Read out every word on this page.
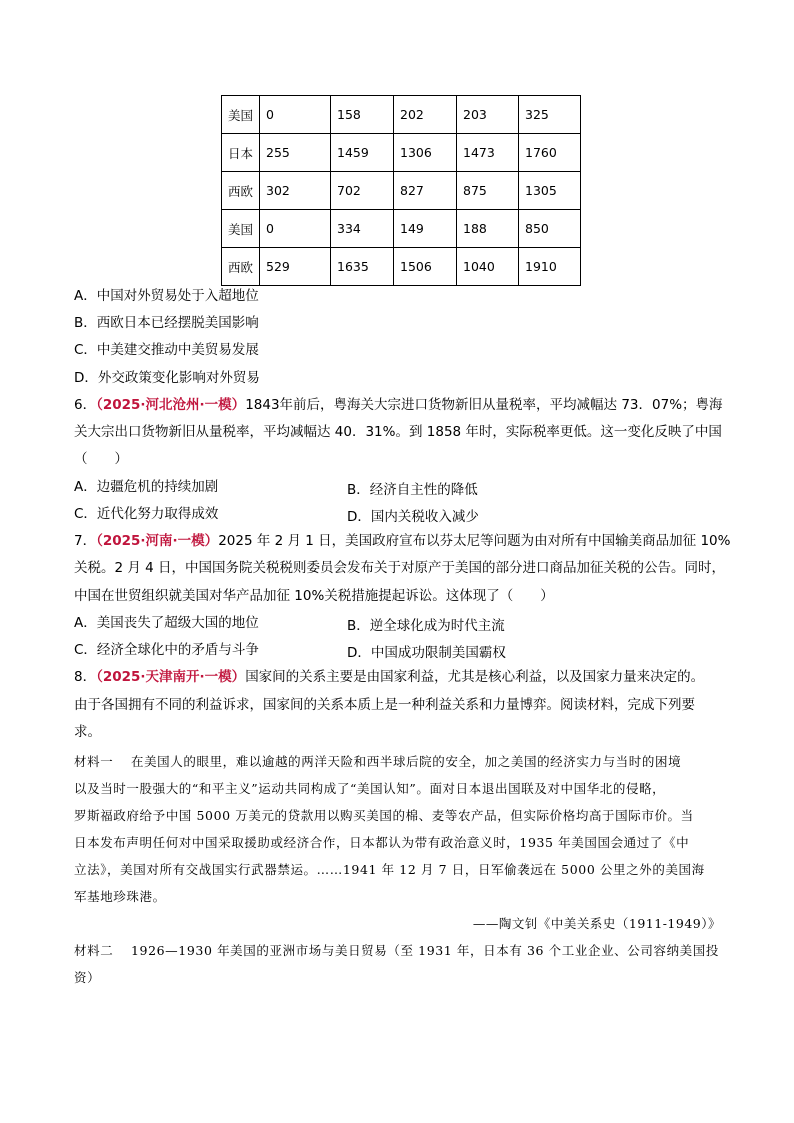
美国	0	158	202	203	325
日本	255	1459	1306	1473	1760
西欧	302	702	827	875	1305
美国	0	334	149	188	850
西欧	529	1635	1506	1040	1910
A．中国对外贸易处于入超地位
B．西欧日本已经摆脱美国影响
C．中美建交推动中美贸易发展
D．外交政策变化影响对外贸易
6．（2025·河北沧州·一模）1843年前后，粤海关大宗进口货物新旧从量税率，平均减幅达 73．07%；粤海
关大宗出口货物新旧从量税率，平均减幅达 40．31%。到 1858 年时，实际税率更低。这一变化反映了中国
（　　）
A．边疆危机的持续加剧	B．经济自主性的降低
C．近代化努力取得成效	D．国内关税收入减少
7．（2025·河南·一模）2025 年 2 月 1 日，美国政府宣布以芬太尼等问题为由对所有中国输美商品加征 10%
关税。2 月 4 日，中国国务院关税税则委员会发布关于对原产于美国的部分进口商品加征关税的公告。同时，
中国在世贸组织就美国对华产品加征 10%关税措施提起诉讼。这体现了（　　）
A．美国丧失了超级大国的地位	B．逆全球化成为时代主流
C．经济全球化中的矛盾与斗争	D．中国成功限制美国霸权
8．（2025·天津南开·一模）国家间的关系主要是由国家利益，尤其是核心利益，以及国家力量来决定的。
由于各国拥有不同的利益诉求，国家间的关系本质上是一种利益关系和力量博弈。阅读材料，完成下列要
求。
材料一　 在美国人的眼里，难以逾越的两洋天险和西半球后院的安全，加之美国的经济实力与当时的困境
以及当时一股强大的“和平主义”运动共同构成了“美国认知”。面对日本退出国联及对中国华北的侵略，
罗斯福政府给予中国 5000 万美元的贷款用以购买美国的棉、麦等农产品，但实际价格均高于国际市价。当
日本发布声明任何对中国采取援助或经济合作，日本都认为带有政治意义时，1935 年美国国会通过了《中
立法》，美国对所有交战国实行武器禁运。……1941 年 12 月 7 日，日军偷袭远在 5000 公里之外的美国海
军基地珍珠港。
——陶文钊《中美关系史（1911-1949）》
材料二　 1926—1930 年美国的亚洲市场与美日贸易（至 1931 年，日本有 36 个工业企业、公司容纳美国投
资）
